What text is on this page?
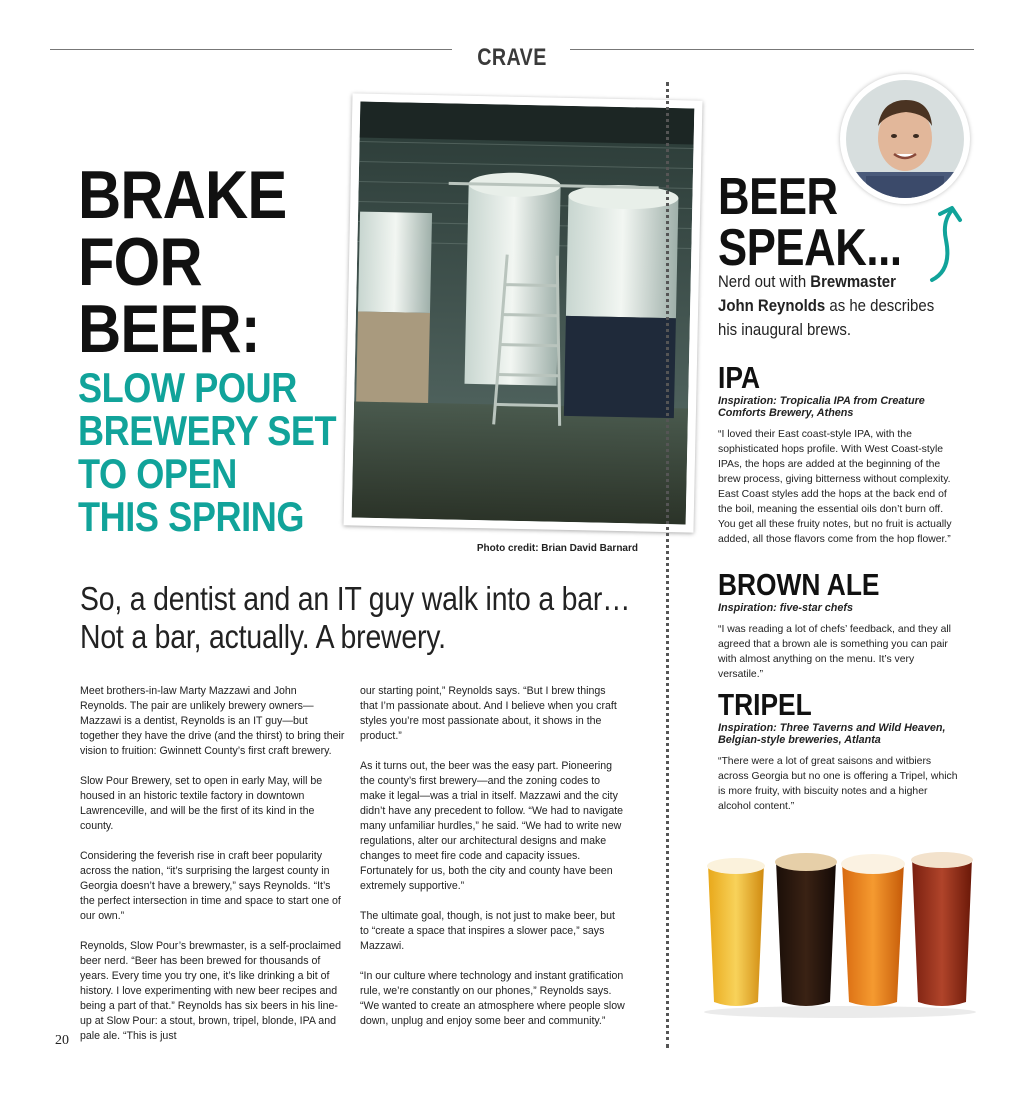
CRAVE
BRAKE
FOR
BEER:
SLOW POUR
BREWERY SET
TO OPEN
THIS SPRING
Photo credit: Brian David Barnard
So, a dentist and an IT guy walk into a bar…
Not a bar, actually. A brewery.

Meet brothers-in-law Marty Mazzawi and John Reynolds. The pair are unlikely brewery owners—Mazzawi is a dentist, Reynolds is an IT guy—but together they have the drive (and the thirst) to bring their vision to fruition: Gwinnett County’s first craft brewery.

Slow Pour Brewery, set to open in early May, will be housed in an historic textile factory in downtown Lawrenceville, and will be the first of its kind in the county.

Considering the feverish rise in craft beer popularity across the nation, “it’s surprising the largest county in Georgia doesn’t have a brewery,” says Reynolds. “It’s the perfect intersection in time and space to start one of our own.”

Reynolds, Slow Pour’s brewmaster, is a self-proclaimed beer nerd. “Beer has been brewed for thousands of years. Every time you try one, it’s like drinking a bit of history. I love experimenting with new beer recipes and being a part of that.” Reynolds has six beers in his line-up at Slow Pour: a stout, brown, tripel, blonde, IPA and pale ale. “This is just

our starting point,” Reynolds says. “But I brew things that I’m passionate about. And I believe when you craft styles you’re most passionate about, it shows in the product.”

As it turns out, the beer was the easy part. Pioneering the county’s first brewery—and the zoning codes to make it legal—was a trial in itself. Mazzawi and the city didn’t have any precedent to follow. “We had to navigate many unfamiliar hurdles,” he said. “We had to write new regulations, alter our architectural designs and make changes to meet fire code and capacity issues. Fortunately for us, both the city and county have been extremely supportive.”

The ultimate goal, though, is not just to make beer, but to “create a space that inspires a slower pace,” says Mazzawi.

“In our culture where technology and instant gratification rule, we’re constantly on our phones,” Reynolds says. “We wanted to create an atmosphere where people slow down, unplug and enjoy some beer and community.”

20
BEER
SPEAK...
Nerd out with Brewmaster
John Reynolds as he describes
his inaugural brews.
IPA
Inspiration: Tropicalia IPA from Creature Comforts Brewery, Athens
“I loved their East coast-style IPA, with the sophisticated hops profile. With West Coast-style IPAs, the hops are added at the beginning of the brew process, giving bitterness without complexity. East Coast styles add the hops at the back end of the boil, meaning the essential oils don’t burn off. You get all these fruity notes, but no fruit is actually added, all those flavors come from the hop flower.”
BROWN ALE
Inspiration: five-star chefs
“I was reading a lot of chefs’ feedback, and they all agreed that a brown ale is something you can pair with almost anything on the menu. It’s very versatile.”
TRIPEL
Inspiration: Three Taverns and Wild Heaven, Belgian-style breweries, Atlanta
“There were a lot of great saisons and witbiers across Georgia but no one is offering a Tripel, which is more fruity, with biscuity notes and a higher alcohol content.”
